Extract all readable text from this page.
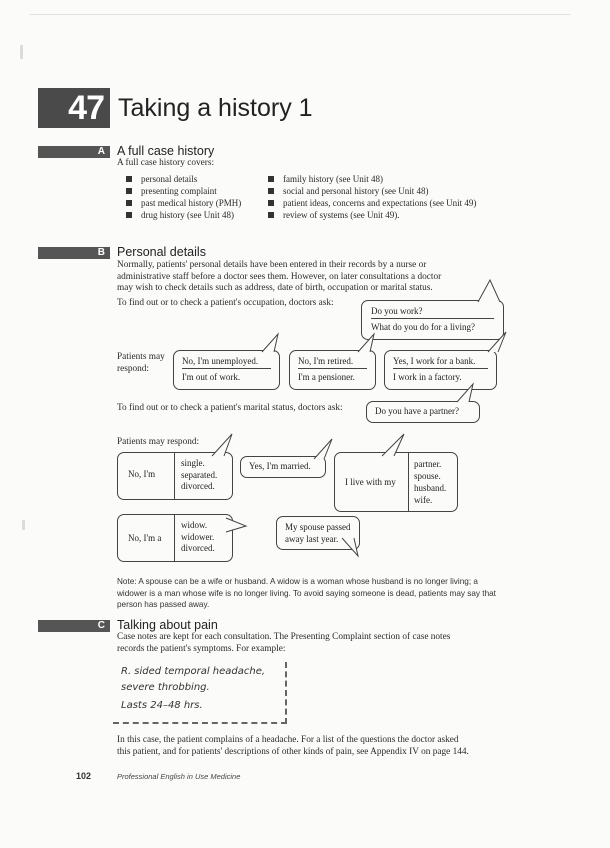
47 Taking a history 1
A A full case history
A full case history covers:
personal details
presenting complaint
past medical history (PMH)
drug history (see Unit 48)
family history (see Unit 48)
social and personal history (see Unit 48)
patient ideas, concerns and expectations (see Unit 49)
review of systems (see Unit 49).
B Personal details
Normally, patients' personal details have been entered in their records by a nurse or
administrative staff before a doctor sees them. However, on later consultations a doctor
may wish to check details such as address, date of birth, occupation or marital status.
To find out or to check a patient's occupation, doctors ask:
Do you work?
What do you do for a living?
Patients may
respond:
No, I'm unemployed.
I'm out of work.
No, I'm retired.
I'm a pensioner.
Yes, I work for a bank.
I work in a factory.
To find out or to check a patient's marital status, doctors ask:	Do you have a partner?
Patients may respond:
No, I'm
single.
separated.
divorced.
Yes, I'm married.
I live with my
partner.
spouse.
husband.
wife.
No, I'm a
widow.
widower.
divorced.
My spouse passed
away last year.
Note: A spouse can be a wife or husband. A widow is a woman whose husband is no longer living; a
widower is a man whose wife is no longer living. To avoid saying someone is dead, patients may say that
person has passed away.
C Talking about pain
Case notes are kept for each consultation. The Presenting Complaint section of case notes
records the patient's symptoms. For example:
R. sided temporal headache,
severe throbbing.
Lasts 24–48 hrs.
In this case, the patient complains of a headache. For a list of the questions the doctor asked
this patient, and for patients' descriptions of other kinds of pain, see Appendix IV on page 144.
102	Professional English in Use Medicine
